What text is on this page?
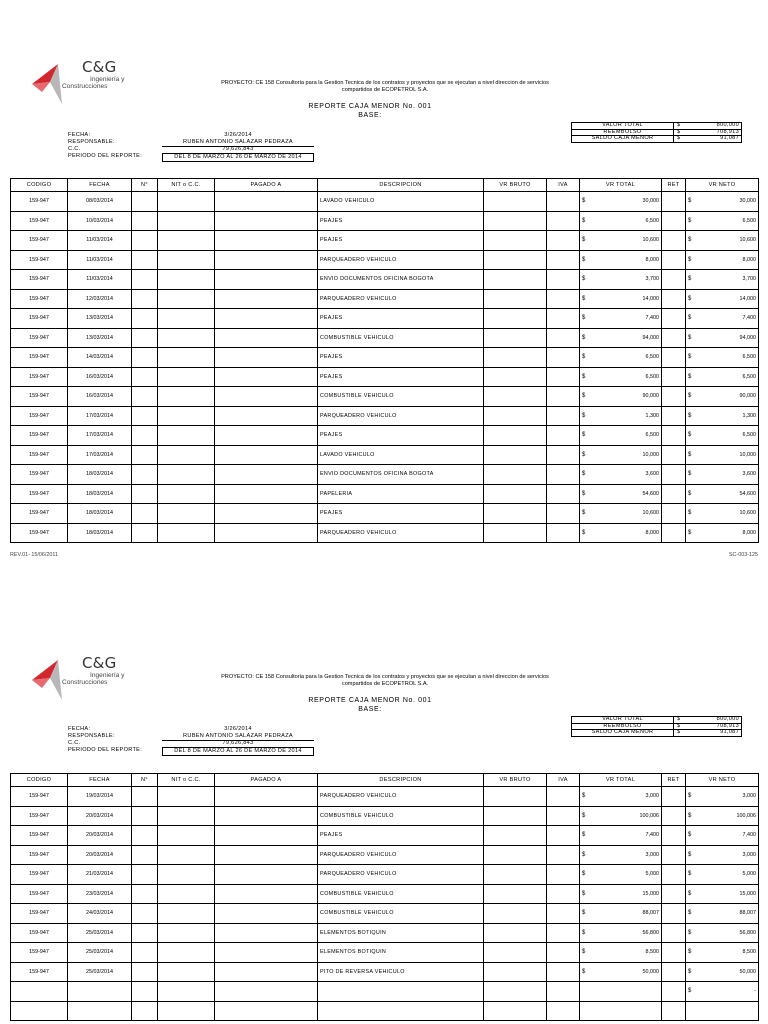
C&G
Ingeniería y
Construcciones	PROYECTO: CE 158 Consultoria para la Gestion Tecnica de los contratos y proyectos que se ejecutan a nivel direccion de servicios
compartidos de ECOPETROL S.A.
REPORTE CAJA MENOR No. 001
BASE:
FECHA:	3/26/2014
RESPONSABLE:	RUBEN ANTONIO SALAZAR PEDRAZA
C.C.	79,626,843
PERIODO DEL REPORTE:	DEL 8 DE MARZO AL 26 DE MARZO DE 2014
VALOR TOTAL	$	800,000
REEMBOLSO	$	708,913
SALDO CAJA MENOR	$	91,087
CODIGO	FECHA	N°	NIT o C.C.	PAGADO A	DESCRIPCION	VR BRUTO	IVA	VR TOTAL	RET	VR NETO
159-947	08/03/2014				LAVADO VEHICULO			$ 30,000		$ 30,000

159-947	10/03/2014				PEAJES			$ 6,500		$ 6,500

159-947	11/03/2014				PEAJES			$ 10,600		$ 10,600

159-947	11/03/2014				PARQUEADERO VEHICULO			$ 8,000		$ 8,000

159-947	11/03/2014				ENVIO DOCUMENTOS OFICINA BOGOTA			$ 3,700		$ 3,700

159-947	12/03/2014				PARQUEADERO VEHICULO			$ 14,000		$ 14,000

159-947	13/03/2014				PEAJES			$ 7,400		$ 7,400

159-947	13/03/2014				COMBUSTIBLE VEHICULO			$ 94,000		$ 94,000

159-947	14/03/2014				PEAJES			$ 6,500		$ 6,500

159-947	16/03/2014				PEAJES			$ 6,500		$ 6,500

159-947	16/03/2014				COMBUSTIBLE VEHICULO			$ 90,000		$ 90,000

159-947	17/03/2014				PARQUEADERO VEHICULO			$ 1,300		$ 1,300

159-947	17/03/2014				PEAJES			$ 6,500		$ 6,500

159-947	17/03/2014				LAVADO VEHICULO			$ 10,000		$ 10,000

159-947	18/03/2014				ENVIO DOCUMENTOS OFICINA BOGOTA			$ 3,600		$ 3,600

159-947	18/03/2014				PAPELERIA			$ 54,600		$ 54,600

159-947	18/03/2014				PEAJES			$ 10,600		$ 10,600

159-947	18/03/2014				PARQUEADERO VEHICULO			$ 8,000		$ 8,000
REV.01- 15/06/2011	SC-003-125
C&G
Ingeniería y
Construcciones
PROYECTO: CE 158 Consultoria para la Gestion Tecnica de los contratos y proyectos que se ejecutan a nivel direccion de servicios
compartidos de ECOPETROL S.A.
REPORTE CAJA MENOR No. 001
BASE:
FECHA:	3/26/2014
RESPONSABLE:	RUBEN ANTONIO SALAZAR PEDRAZA
C.C.	79,626,843
PERIODO DEL REPORTE:	DEL 8 DE MARZO AL 26 DE MARZO DE 2014
VALOR TOTAL	$	800,000
REEMBOLSO	$	708,913
SALDO CAJA MENOR	$	91,087
CODIGO	FECHA	N°	NIT o C.C.	PAGADO A	DESCRIPCION	VR BRUTO	IVA	VR TOTAL	RET	VR NETO
159-947	19/03/2014				PARQUEADERO VEHICULO			$ 3,000		$ 3,000

159-947	20/03/2014				COMBUSTIBLE VEHICULO			$ 100,006		$ 100,006

159-947	20/03/2014				PEAJES			$ 7,400		$ 7,400

159-947	20/03/2014				PARQUEADERO VEHICULO			$ 3,000		$ 3,000

159-947	21/03/2014				PARQUEADERO VEHICULO			$ 5,000		$ 5,000

159-947	23/03/2014				COMBUSTIBLE VEHICULO			$ 15,000		$ 15,000

159-947	24/03/2014				COMBUSTIBLE VEHICULO			$ 88,007		$ 88,007

159-947	25/03/2014				ELEMENTOS BOTIQUIN			$ 56,800		$ 56,800

159-947	25/03/2014				ELEMENTOS BOTIQUIN			$ 8,500		$ 8,500

159-947	25/03/2014				PITO DE REVERSA VEHICULO			$ 50,000		$ 50,000

										$ -
